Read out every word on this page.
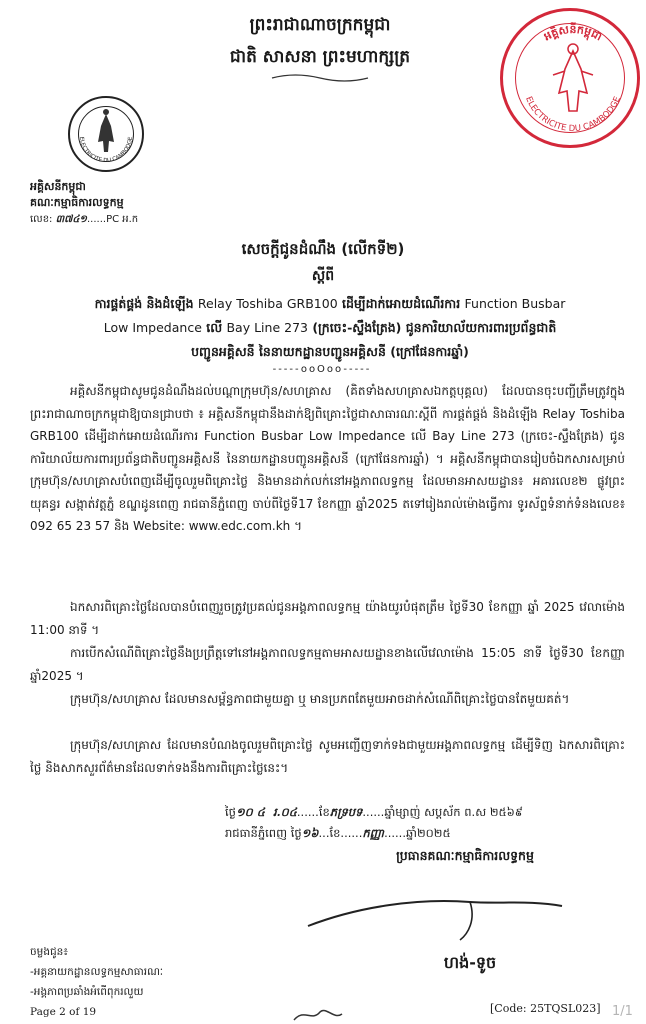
ព្រះរាជាណាចក្រកម្ពុជា
ជាតិ សាសនា ព្រះមហាក្សត្រ
អគ្គិសនីកម្ពុជា
ELECTRICITE DU CAMBODGE
ELECTRICITE DU CAMBODGE
អគ្គិសនីកម្ពុជា
គណៈកម្មាធិការលទ្ធកម្ម
លេខ: ៣៧៤១......PC អ.ក
សេចក្តីជូនដំណឹង (លើកទី២)
ស្តីពី
ការផ្គត់ផ្គង់ និងដំឡើង Relay Toshiba GRB100 ដើម្បីដាក់អោយដំណើរការ Function Busbar
Low Impedance លើ Bay Line 273 (ក្រចេះ-ស្ទឹងត្រែង) ជូនការិយាល័យការពារប្រព័ន្ធជាតិ
បញ្ជូនអគ្គិសនី នៃនាយកដ្ឋានបញ្ជូនអគ្គិសនី (ក្រៅផែនការឆ្នាំ)
-----ooOoo-----
អគ្គិសនីកម្ពុជាសូមជូនដំណឹងដល់បណ្តាក្រុមហ៊ុន/សហគ្រាស (គិតទាំងសហគ្រាសឯកត្តបុគ្គល) ដែលបានចុះបញ្ជីត្រឹមត្រូវក្នុងព្រះរាជាណាចក្រកម្ពុជាឱ្យបានជ្រាបថា ៖ អគ្គិសនីកម្ពុជានឹងដាក់ឱ្យពិគ្រោះថ្លៃជាសាធារណៈស្តីពី ការផ្គត់ផ្គង់ និងដំឡើង Relay Toshiba GRB100 ដើម្បីដាក់អោយដំណើរការ Function Busbar Low Impedance លើ Bay Line 273 (ក្រចេះ-ស្ទឹងត្រែង) ជូនការិយាល័យការពារប្រព័ន្ធជាតិបញ្ជូនអគ្គិសនី នៃនាយកដ្ឋានបញ្ជូនអគ្គិសនី (ក្រៅផែនការឆ្នាំ) ។ អគ្គិសនីកម្ពុជាបានរៀបចំឯកសារសម្រាប់ក្រុមហ៊ុន/សហគ្រាសបំពេញដើម្បីចូលរួមពិគ្រោះថ្លៃ និងមានដាក់លក់នៅអង្គភាពលទ្ធកម្ម ដែលមានអាសយដ្ឋាន៖ អគារលេខ២ ផ្លូវព្រះយុគន្ធរ សង្កាត់វត្តភ្នំ ខណ្ឌដូនពេញ រាជធានីភ្នំពេញ ចាប់ពីថ្ងៃទី17 ខែកញ្ញា ឆ្នាំ2025 តទៅរៀងរាល់ម៉ោងធ្វើការ ទូរស័ព្ទទំនាក់ទំនងលេខ៖ 092 65 23 57 និង Website: www.edc.com.kh ។
ឯកសារពិគ្រោះថ្លៃដែលបានបំពេញរួចត្រូវប្រគល់ជូនអង្គភាពលទ្ធកម្ម យ៉ាងយូរបំផុតត្រឹម ថ្ងៃទី30 ខែកញ្ញា ឆ្នាំ 2025 វេលាម៉ោង 11:00 នាទី ។
ការបើកសំណើពិគ្រោះថ្លៃនឹងប្រព្រឹត្តទៅនៅអង្គភាពលទ្ធកម្មតាមអាសយដ្ឋានខាងលើវេលាម៉ោង 15:05 នាទី ថ្ងៃទី30 ខែកញ្ញា ឆ្នាំ2025 ។
ក្រុមហ៊ុន/សហគ្រាស ដែលមានសម្ព័ន្ធភាពជាមួយគ្នា ឬ មានប្រភពតែមួយអាចដាក់សំណើពិគ្រោះថ្លៃបានតែមួយគត់។
ក្រុមហ៊ុន/សហគ្រាស ដែលមានបំណងចូលរួមពិគ្រោះថ្លៃ សូមអញ្ជើញទាក់ទងជាមួយអង្គភាពលទ្ធកម្ម ដើម្បីទិញ ឯកសារពិគ្រោះថ្លៃ និងសាកសួរព័ត៌មានដែលទាក់ទងនឹងការពិគ្រោះថ្លៃនេះ។
ថ្ងៃ១០ ៤ ​ រ.០៤......ខែភទ្របទ......ឆ្នាំម្សាញ់ សប្តស័ក ព.ស ២៥៦៩
រាជធានីភ្នំពេញ ថ្ងៃ១៦...ខែ......កញ្ញា......ឆ្នាំ២០២៥
ប្រធានគណៈកម្មាធិការលទ្ធកម្ម
ហង់-ទូច
ចម្លងជូន៖
-អគ្គនាយកដ្ឋានលទ្ធកម្មសាធារណៈ
-អង្គភាពប្រឆាំងអំពើពុករលួយ
Page 2 of 19	[Code: 25TQSL023] 1/1
